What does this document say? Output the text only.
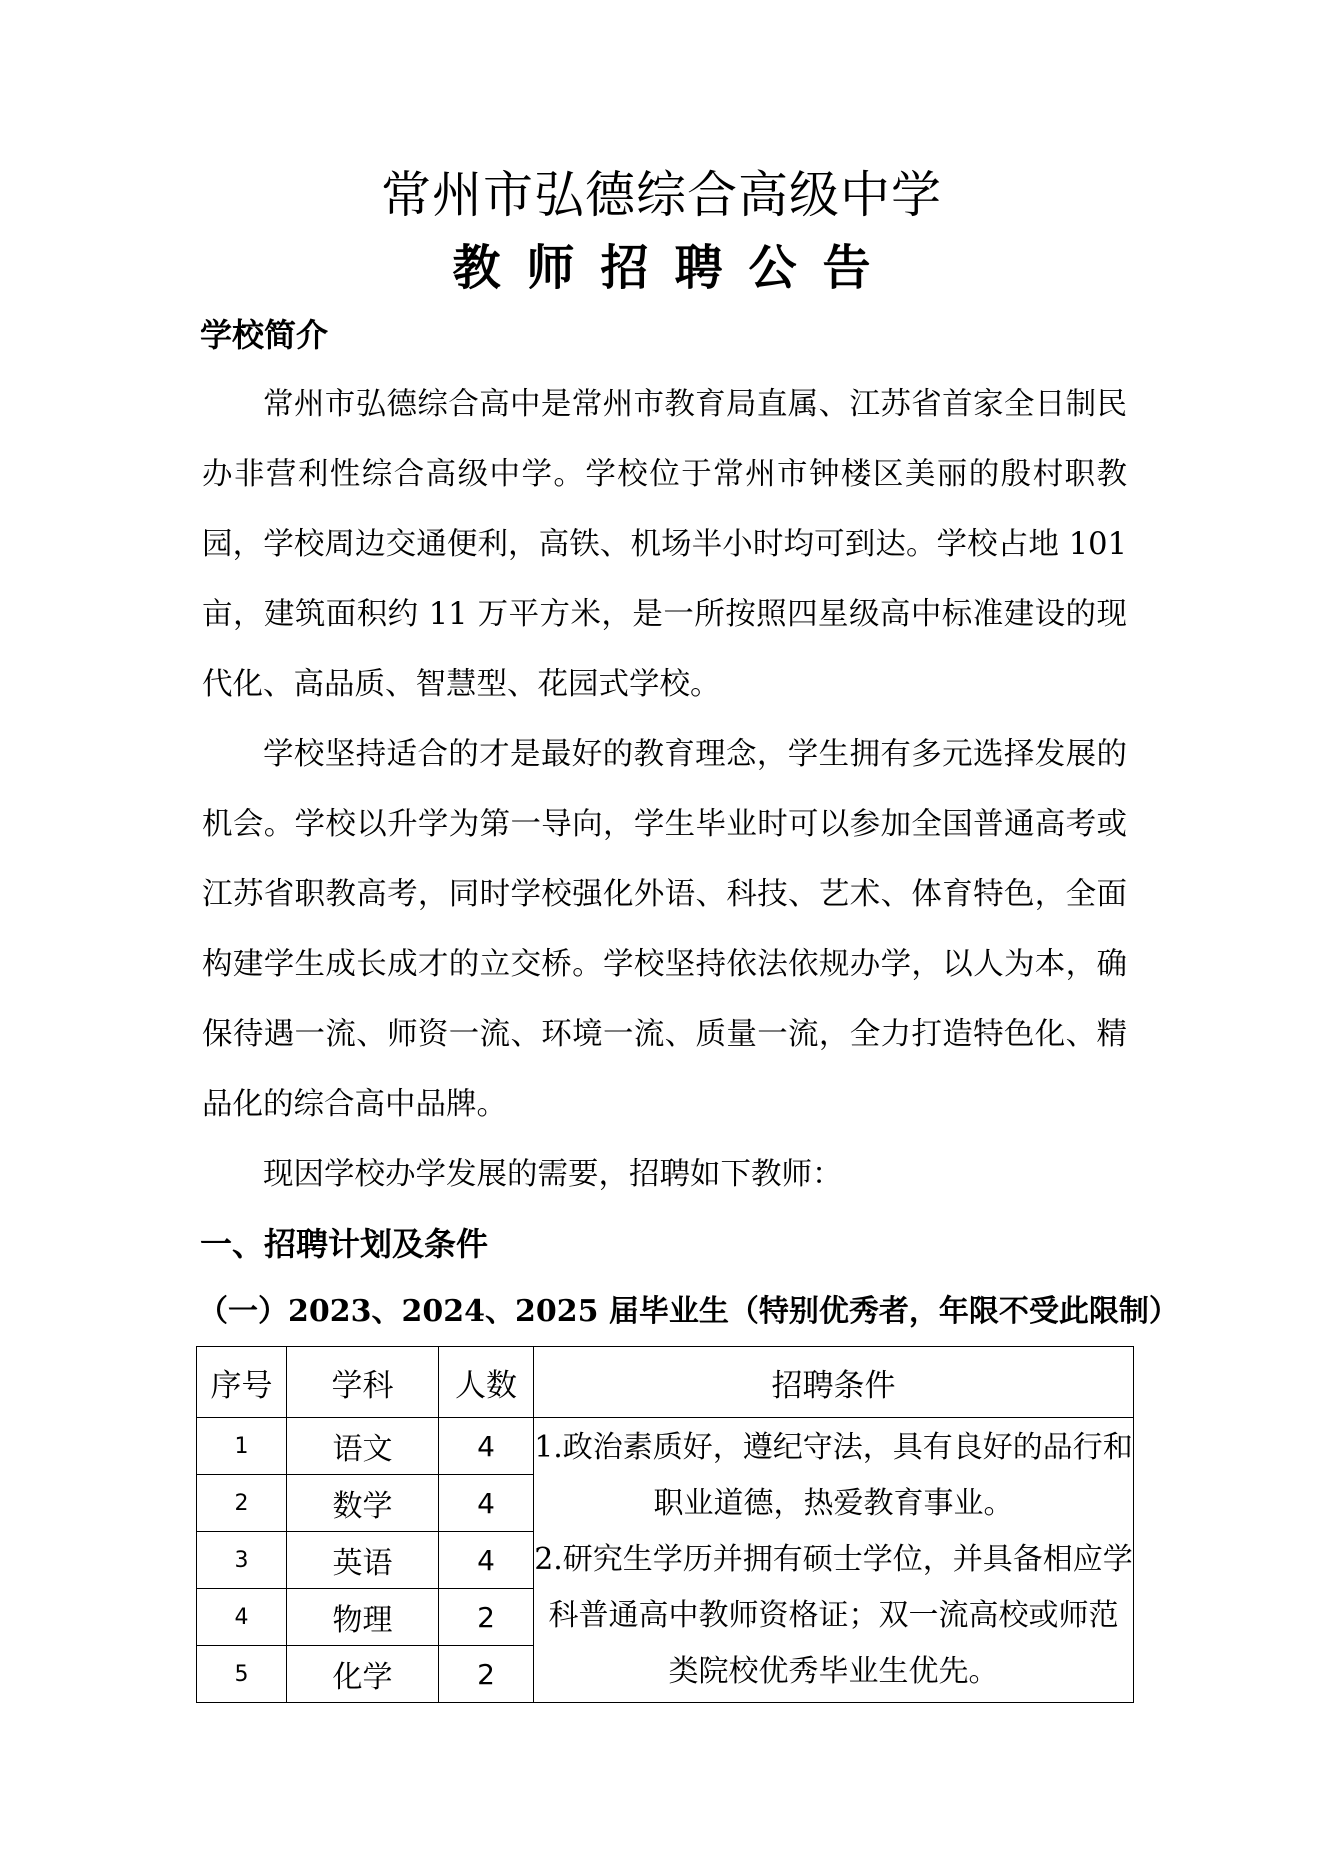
常州市弘德综合高级中学
教师招聘公告
学校简介

常州市弘德综合高中是常州市教育局直属、江苏省首家全日制民办非营利性综合高级中学。学校位于常州市钟楼区美丽的殷村职教园，学校周边交通便利，高铁、机场半小时均可到达。学校占地 101 亩，建筑面积约 11 万平方米，是一所按照四星级高中标准建设的现代化、高品质、智慧型、花园式学校。

学校坚持适合的才是最好的教育理念，学生拥有多元选择发展的机会。学校以升学为第一导向，学生毕业时可以参加全国普通高考或江苏省职教高考，同时学校强化外语、科技、艺术、体育特色，全面构建学生成长成才的立交桥。学校坚持依法依规办学，以人为本，确保待遇一流、师资一流、环境一流、质量一流，全力打造特色化、精品化的综合高中品牌。

现因学校办学发展的需要，招聘如下教师：

一、招聘计划及条件
（一）2023、2024、2025 届毕业生（特别优秀者，年限不受此限制）
序号	学科	人数	招聘条件
1	语文	4	1.政治素质好，遵纪守法，具有良好的品行和职业道德，热爱教育事业。

2.研究生学历并拥有硕士学位，并具备相应学科普通高中教师资格证；双一流高校或师范类院校优秀毕业生优先。

2	数学	4	
3	英语	4	
4	物理	2	
5	化学	2	
